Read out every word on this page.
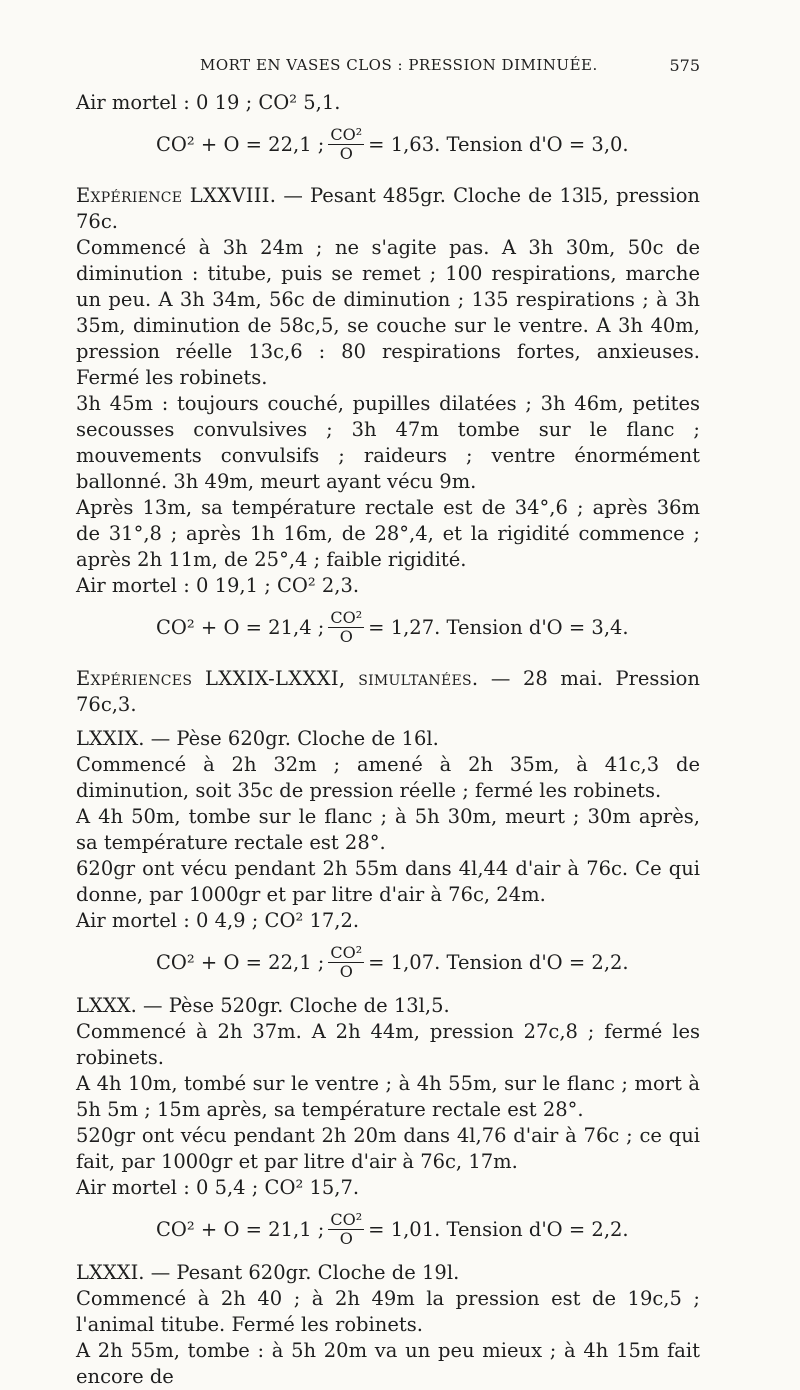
MORT EN VASES CLOS : PRESSION DIMINUÉE.	575

Air mortel : 0 19 ; CO² 5,1.

CO² + O = 22,1 ; $\frac{\text{CO²}}{O} = 1,63$. Tension d'O = 3,0.

Expérience LXXVIII. — Pesant 485gr. Cloche de 13l5, pression 76c.

Commencé à 3h 24m ; ne s'agite pas. A 3h 30m, 50c de diminution : titube, puis se remet ; 100 respirations, marche un peu. A 3h 34m, 56c de diminution ; 135 respirations ; à 3h 35m, diminution de 58c,5, se couche sur le ventre. A 3h 40m, pression réelle 13c,6 : 80 respirations fortes, anxieuses. Fermé les robinets.

3h 45m : toujours couché, pupilles dilatées ; 3h 46m, petites secousses convulsives ; 3h 47m tombe sur le flanc ; mouvements convulsifs ; raideurs ; ventre énormément ballonné. 3h 49m, meurt ayant vécu 9m.

Après 13m, sa température rectale est de 34°,6 ; après 36m de 31°,8 ; après 1h 16m, de 28°,4, et la rigidité commence ; après 2h 11m, de 25°,4 ; faible rigidité.

Air mortel : 0 19,1 ; CO² 2,3.

CO² + O = 21,4 ; $\frac{\text{CO²}}{O} = 1,27$. Tension d'O = 3,4.

Expériences LXXIX-LXXXI, simultanées. — 28 mai. Pression 76c,3.

LXXIX. — Pèse 620gr. Cloche de 16l.

Commencé à 2h 32m ; amené à 2h 35m, à 41c,3 de diminution, soit 35c de pression réelle ; fermé les robinets.

A 4h 50m, tombe sur le flanc ; à 5h 30m, meurt ; 30m après, sa température rectale est 28°.

620gr ont vécu pendant 2h 55m dans 4l,44 d'air à 76c. Ce qui donne, par 1000gr et par litre d'air à 76c, 24m.

Air mortel : 0 4,9 ; CO² 17,2.

CO² + O = 22,1 ; $\frac{\text{CO²}}{O} = 1,07$. Tension d'O = 2,2.

LXXX. — Pèse 520gr. Cloche de 13l,5.

Commencé à 2h 37m. A 2h 44m, pression 27c,8 ; fermé les robinets.

A 4h 10m, tombé sur le ventre ; à 4h 55m, sur le flanc ; mort à 5h 5m ; 15m après, sa température rectale est 28°.

520gr ont vécu pendant 2h 20m dans 4l,76 d'air à 76c ; ce qui fait, par 1000gr et par litre d'air à 76c, 17m.

Air mortel : 0 5,4 ; CO² 15,7.

CO² + O = 21,1 ; $\frac{\text{CO²}}{O} = 1,01$. Tension d'O = 2,2.

LXXXI. — Pesant 620gr. Cloche de 19l.

Commencé à 2h 40 ; à 2h 49m la pression est de 19c,5 ; l'animal titube. Fermé les robinets.

A 2h 55m, tombe : à 5h 20m va un peu mieux ; à 4h 15m fait encore de
